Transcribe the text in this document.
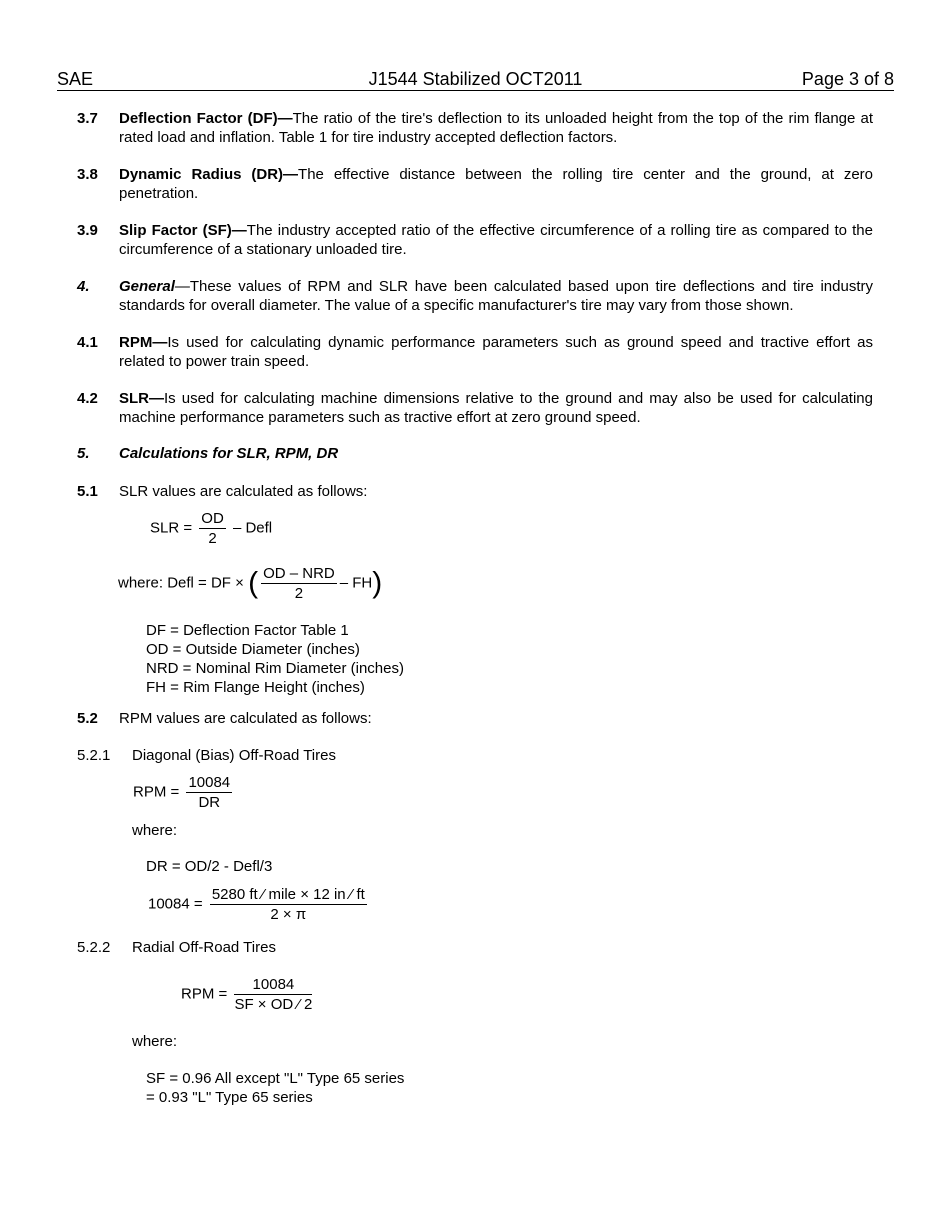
SAE	J1544 Stabilized OCT2011	Page 3 of 8
3.7 Deflection Factor (DF)—The ratio of the tire's deflection to its unloaded height from the top of the rim flange at rated load and inflation. Table 1 for tire industry accepted deflection factors.
3.8 Dynamic Radius (DR)—The effective distance between the rolling tire center and the ground, at zero penetration.
3.9 Slip Factor (SF)—The industry accepted ratio of the effective circumference of a rolling tire as compared to the circumference of a stationary unloaded tire.
4. General—These values of RPM and SLR have been calculated based upon tire deflections and tire industry standards for overall diameter. The value of a specific manufacturer's tire may vary from those shown.
4.1 RPM—Is used for calculating dynamic performance parameters such as ground speed and tractive effort as related to power train speed.
4.2 SLR—Is used for calculating machine dimensions relative to the ground and may also be used for calculating machine performance parameters such as tractive effort at zero ground speed.
5. Calculations for SLR, RPM, DR
5.1 SLR values are calculated as follows:
SLR = $\frac{OD}{2}$ – Defl
where: Defl = DF × ( $\frac{\text{OD – NRD}}{2} - FH$)
DF = Deflection Factor Table 1
OD = Outside Diameter (inches)
NRD = Nominal Rim Diameter (inches)
FH = Rim Flange Height (inches)
5.2 RPM values are calculated as follows:
5.2.1 Diagonal (Bias) Off-Road Tires
RPM = $\frac{10084}{DR}$
where:
DR = OD/2 - Defl/3
$10084 = \frac{\text{5280 ft ⁄ mile × 12 in ⁄ ft}}{2 \times \pi}$
5.2.2 Radial Off-Road Tires
RPM = $\frac{10084}{SF \times OD ⁄ 2}$
where:
SF = 0.96 All except "L" Type 65 series
= 0.93 "L" Type 65 series
